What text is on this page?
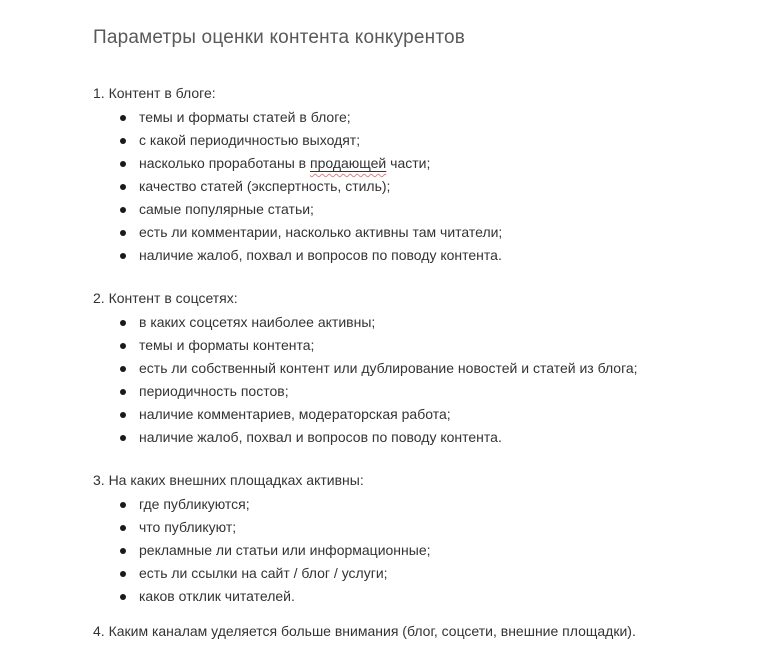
Параметры оценки контента конкурентов

1. Контент в блоге:

темы и форматы статей в блоге;
с какой периодичностью выходят;
насколько проработаны в продающей части;
качество статей (экспертность, стиль);
самые популярные статьи;
есть ли комментарии, насколько активны там читатели;
наличие жалоб, похвал и вопросов по поводу контента.

2. Контент в соцсетях:

в каких соцсетях наиболее активны;
темы и форматы контента;
есть ли собственный контент или дублирование новостей и статей из блога;
периодичность постов;
наличие комментариев, модераторская работа;
наличие жалоб, похвал и вопросов по поводу контента.

3. На каких внешних площадках активны:

где публикуются;
что публикуют;
рекламные ли статьи или информационные;
есть ли ссылки на сайт / блог / услуги;
каков отклик читателей.

4. Каким каналам уделяется больше внимания (блог, соцсети, внешние площадки).
